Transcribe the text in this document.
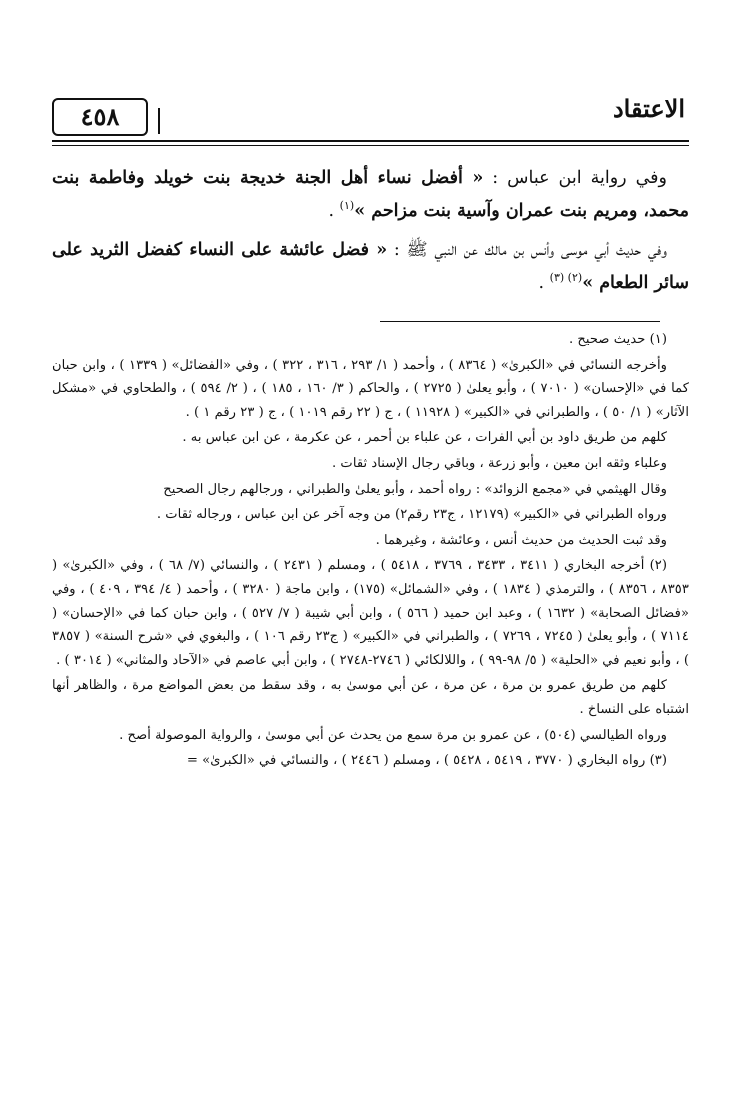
٤٥٨	الاعتقاد

وفي رواية ابن عباس : « أفضل نساء أهل الجنة خديجة بنت خويلد وفاطمة بنت محمد، ومريم بنت عمران وآسية بنت مزاحم »$^{(١)}$ .

وفي حديث أبي موسى وأنس بن مالك عن النبي ﷺ : « فضل عائشة على النساء كفضل الثريد على سائر الطعام »$^{(٢) (٣)}$ .

(١) حديث صحيح .

وأخرجه النسائي في «الكبرىٰ» ( ٨٣٦٤ ) ، وأحمد ( ١/ ٢٩٣ ، ٣١٦ ، ٣٢٢ ) ، وفي «الفضائل» ( ١٣٣٩ ) ، وابن حبان كما في «الإحسان» ( ٧٠١٠ ) ، وأبو يعلىٰ ( ٢٧٢٥ ) ، والحاكم ( ٣/ ١٦٠ ، ١٨٥ ) ، ( ٢/ ٥٩٤ ) ، والطحاوي في «مشكل الآثار» ( ١/ ٥٠ ) ، والطبراني في «الكبير» ( ١١٩٢٨ ) ، ج ( ٢٢ رقم ١٠١٩ ) ، ج ( ٢٣ رقم ١ ) .

كلهم من طريق داود بن أبي الفرات ، عن علباء بن أحمر ، عن عكرمة ، عن ابن عباس به .

وعلباء وثقه ابن معين ، وأبو زرعة ، وباقي رجال الإسناد ثقات .

وقال الهيثمي في «مجمع الزوائد» : رواه أحمد ، وأبو يعلىٰ والطبراني ، ورجالهم رجال الصحيح

ورواه الطبراني في «الكبير» (١٢١٧٩ ، ج٢٣ رقم٢) من وجه آخر عن ابن عباس ، ورجاله ثقات .

وقد ثبت الحديث من حديث أنس ، وعائشة ، وغيرهما .

(٢) أخرجه البخاري ( ٣٤١١ ، ٣٤٣٣ ، ٣٧٦٩ ، ٥٤١٨ ) ، ومسلم ( ٢٤٣١ ) ، والنسائي (٧/ ٦٨ ) ، وفي «الكبرىٰ» ( ٨٣٥٣ ، ٨٣٥٦ ) ، والترمذي ( ١٨٣٤ ) ، وفي «الشمائل» (١٧٥) ، وابن ماجة ( ٣٢٨٠ ) ، وأحمد ( ٤/ ٣٩٤ ، ٤٠٩ ) ، وفي «فضائل الصحابة» ( ١٦٣٢ ) ، وعبد ابن حميد ( ٥٦٦ ) ، وابن أبي شيبة ( ٧/ ٥٢٧ ) ، وابن حبان كما في «الإحسان» ( ٧١١٤ ) ، وأبو يعلىٰ ( ٧٢٤٥ ، ٧٢٦٩ ) ، والطبراني في «الكبير» ( ج٢٣ رقم ١٠٦ ) ، والبغوي في «شرح السنة» ( ٣٨٥٧ ) ، وأبو نعيم في «الحلية» ( ٥/ ٩٨-٩٩ ) ، واللالكائي ( ٢٧٤٦-٢٧٤٨ ) ، وابن أبي عاصم في «الآحاد والمثاني» ( ٣٠١٤ ) .

كلهم من طريق عمرو بن مرة ، عن مرة ، عن أبي موسىٰ به ، وقد سقط من بعض المواضع مرة ، والظاهر أنها اشتباه على النساخ .

ورواه الطيالسي (٥٠٤) ، عن عمرو بن مرة سمع من يحدث عن أبي موسىٰ ، والرواية الموصولة أصح .

(٣) رواه البخاري ( ٣٧٧٠ ، ٥٤١٩ ، ٥٤٢٨ ) ، ومسلم ( ٢٤٤٦ ) ، والنسائي في «الكبرىٰ» =
